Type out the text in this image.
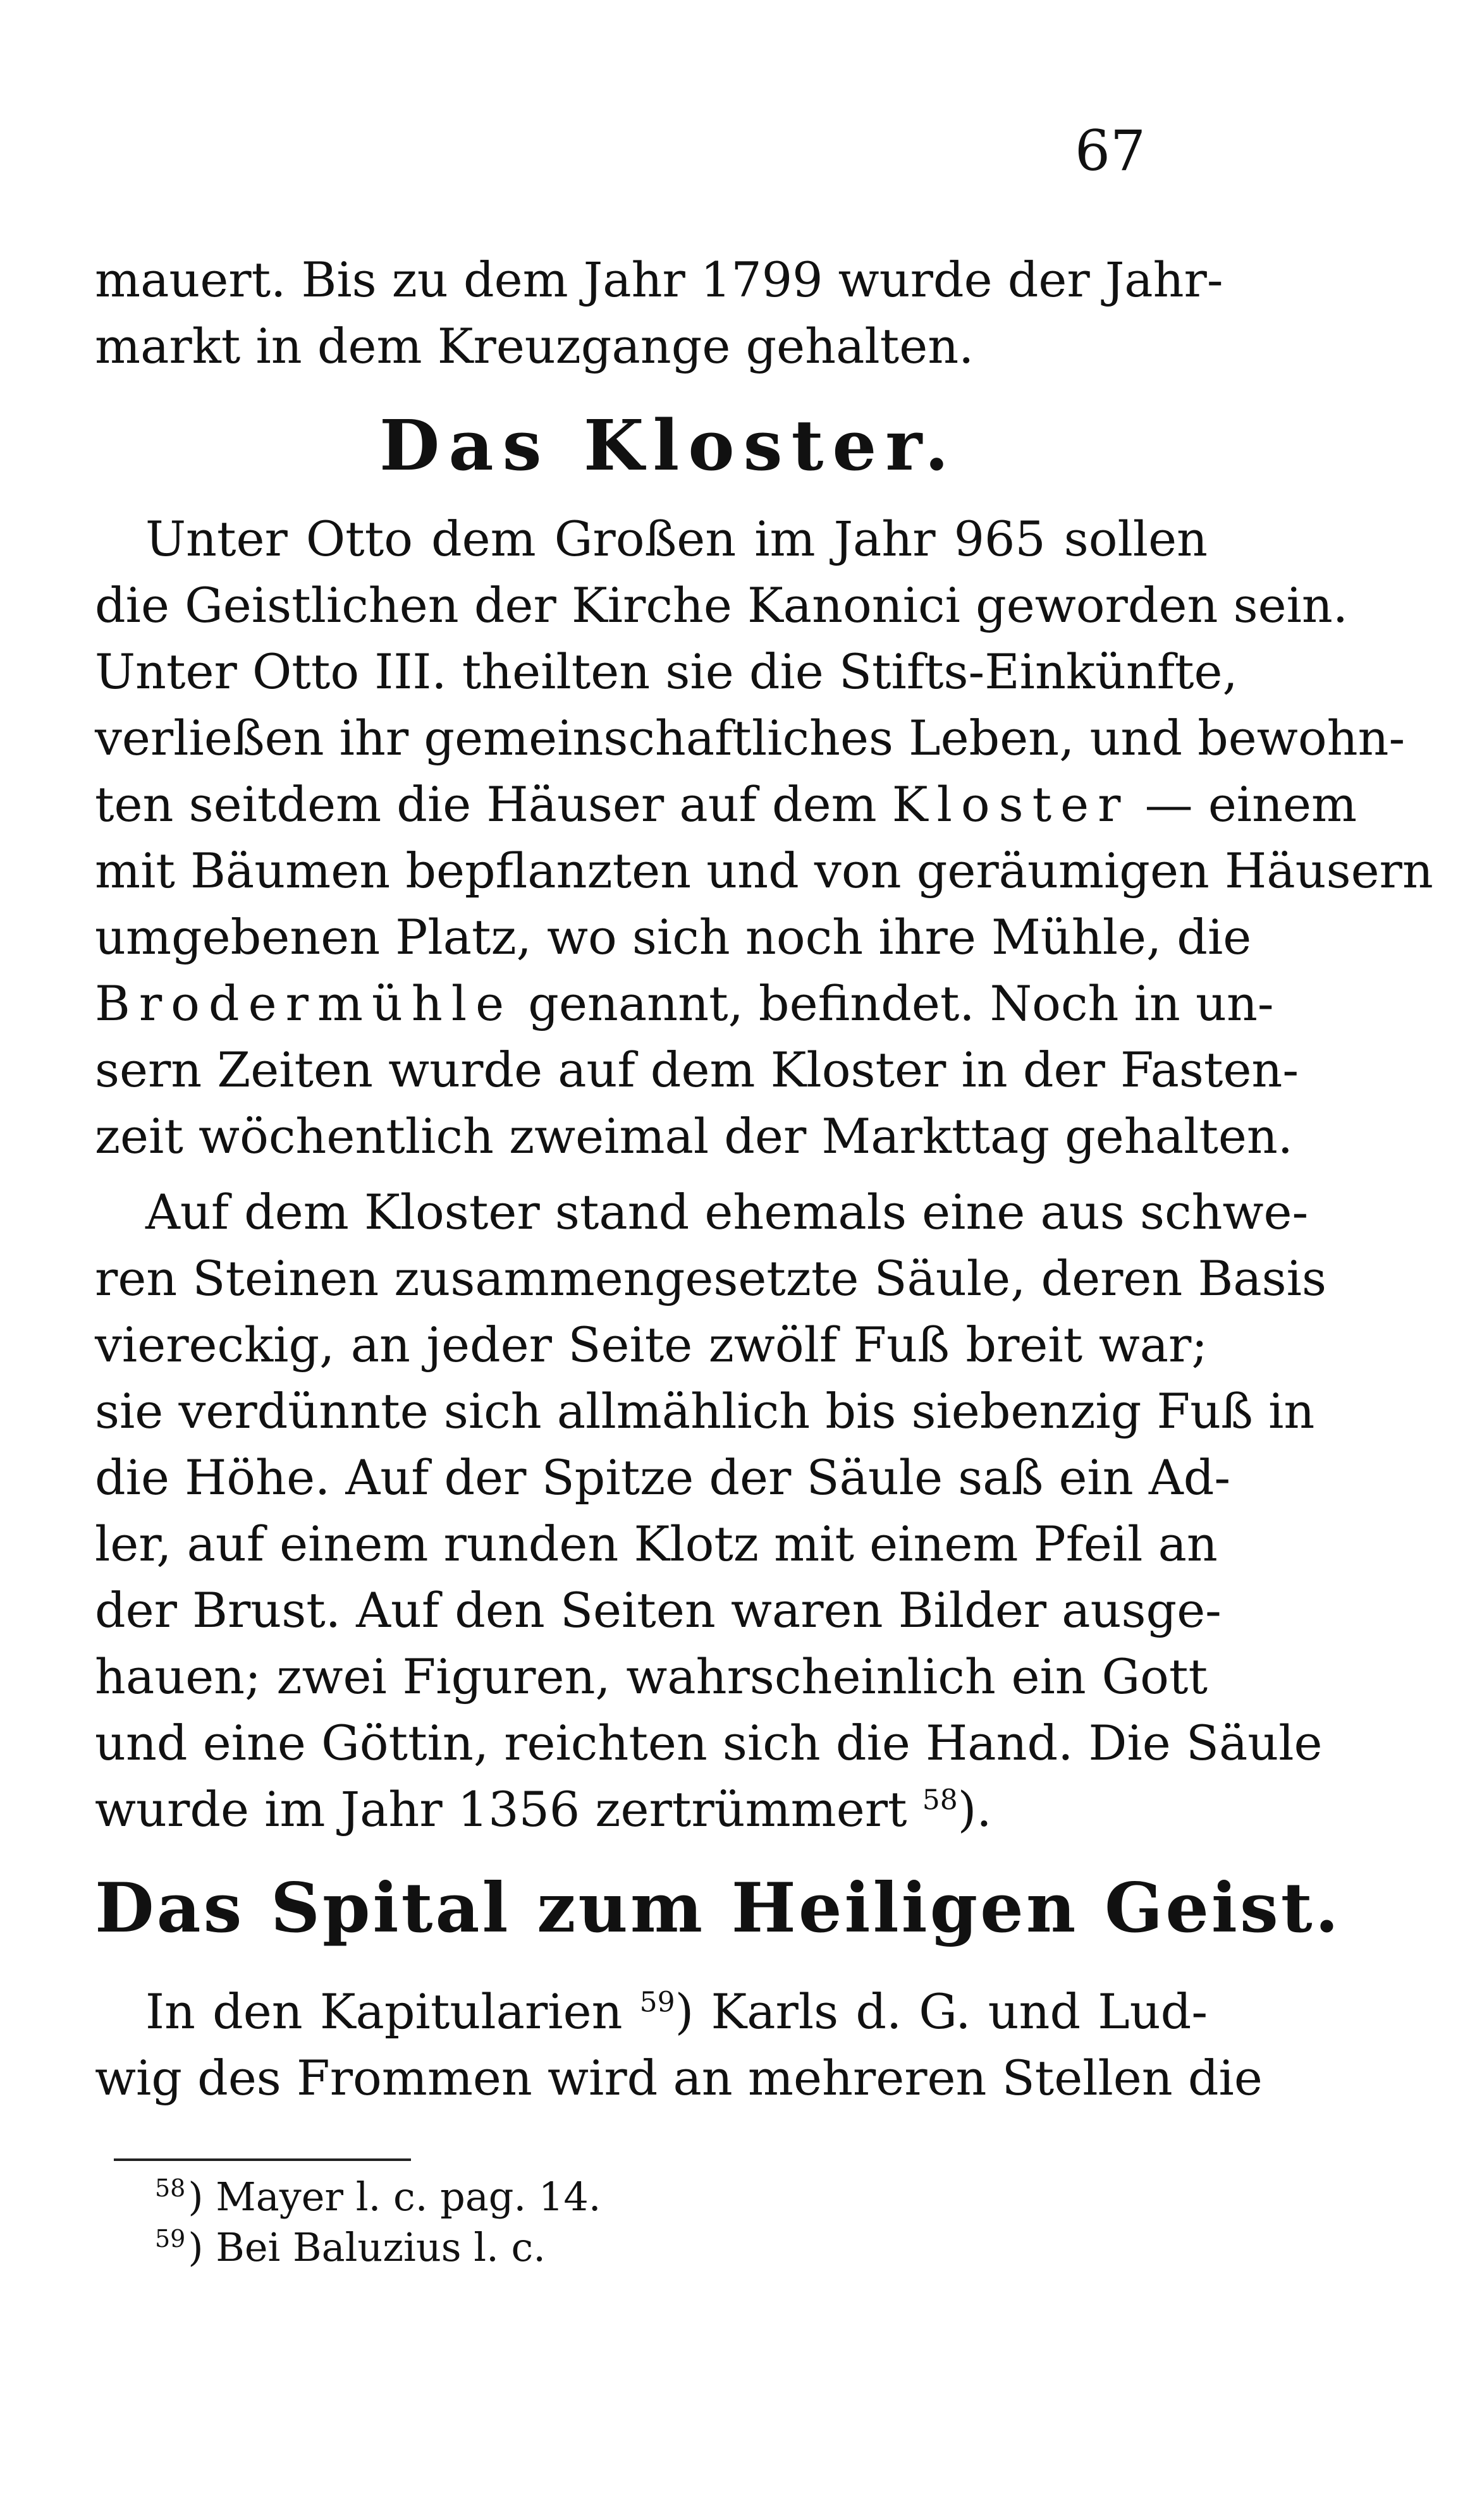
67
mauert. Bis zu dem Jahr 1799 wurde der Jahr-
markt in dem Kreuzgange gehalten.
Das Kloster.
Unter Otto dem Großen im Jahr 965 sollen
die Geistlichen der Kirche Kanonici geworden sein.
Unter Otto III. theilten sie die Stifts-Einkünfte,
verließen ihr gemeinschaftliches Leben, und bewohn-
ten seitdem die Häuser auf dem Kloster — einem
mit Bäumen bepflanzten und von geräumigen Häusern
umgebenen Platz, wo sich noch ihre Mühle, die
Brodermühle genannt, befindet. Noch in un-
sern Zeiten wurde auf dem Kloster in der Fasten-
zeit wöchentlich zweimal der Markttag gehalten.
Auf dem Kloster stand ehemals eine aus schwe-
ren Steinen zusammengesetzte Säule, deren Basis
viereckig, an jeder Seite zwölf Fuß breit war;
sie verdünnte sich allmählich bis siebenzig Fuß in
die Höhe. Auf der Spitze der Säule saß ein Ad-
ler, auf einem runden Klotz mit einem Pfeil an
der Brust. Auf den Seiten waren Bilder ausge-
hauen; zwei Figuren, wahrscheinlich ein Gott
und eine Göttin, reichten sich die Hand. Die Säule
wurde im Jahr 1356 zertrümmert $^{58}$).
Das Spital zum Heiligen Geist.
In den Kapitularien $^{59}$) Karls d. G. und Lud-
wig des Frommen wird an mehreren Stellen die
$^{58}$) Mayer l. c. pag. 14.
$^{59}$) Bei Baluzius l. c.
